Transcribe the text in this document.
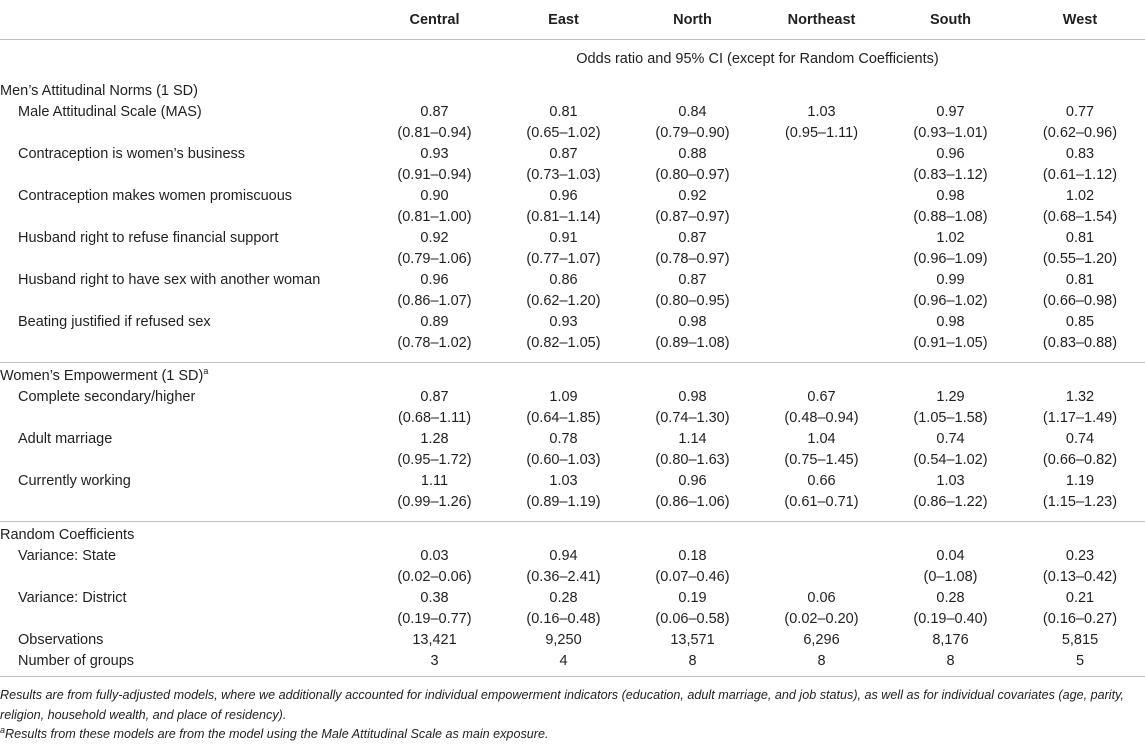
	Central	East	North	Northeast	South	West
	Odds ratio and 95% CI (except for Random Coefficients)					
Men’s Attitudinal Norms (1 SD)						
Male Attitudinal Scale (MAS)	0.87	0.81	0.84	1.03	0.97	0.77
	(0.81–0.94)	(0.65–1.02)	(0.79–0.90)	(0.95–1.11)	(0.93–1.01)	(0.62–0.96)
Contraception is women’s business	0.93	0.87	0.88		0.96	0.83
	(0.91–0.94)	(0.73–1.03)	(0.80–0.97)		(0.83–1.12)	(0.61–1.12)
Contraception makes women promiscuous	0.90	0.96	0.92		0.98	1.02
	(0.81–1.00)	(0.81–1.14)	(0.87–0.97)		(0.88–1.08)	(0.68–1.54)
Husband right to refuse financial support	0.92	0.91	0.87		1.02	0.81
	(0.79–1.06)	(0.77–1.07)	(0.78–0.97)		(0.96–1.09)	(0.55–1.20)
Husband right to have sex with another woman	0.96	0.86	0.87		0.99	0.81
	(0.86–1.07)	(0.62–1.20)	(0.80–0.95)		(0.96–1.02)	(0.66–0.98)
Beating justified if refused sex	0.89	0.93	0.98		0.98	0.85
	(0.78–1.02)	(0.82–1.05)	(0.89–1.08)		(0.91–1.05)	(0.83–0.88)
Women’s Empowerment (1 SD)$^a$
Complete secondary/higher	0.87	1.09	0.98	0.67	1.29	1.32
	(0.68–1.11)	(0.64–1.85)	(0.74–1.30)	(0.48–0.94)	(1.05–1.58)	(1.17–1.49)
Adult marriage	1.28	0.78	1.14	1.04	0.74	0.74
	(0.95–1.72)	(0.60–1.03)	(0.80–1.63)	(0.75–1.45)	(0.54–1.02)	(0.66–0.82)
Currently working	1.11	1.03	0.96	0.66	1.03	1.19
	(0.99–1.26)	(0.89–1.19)	(0.86–1.06)	(0.61–0.71)	(0.86–1.22)	(1.15–1.23)
Random Coefficients						
Variance: State	0.03	0.94	0.18		0.04	0.23
	(0.02–0.06)	(0.36–2.41)	(0.07–0.46)		(0–1.08)	(0.13–0.42)
Variance: District	0.38	0.28	0.19	0.06	0.28	0.21
	(0.19–0.77)	(0.16–0.48)	(0.06–0.58)	(0.02–0.20)	(0.19–0.40)	(0.16–0.27)
Observations	13,421	9,250	13,571	6,296	8,176	5,815
Number of groups	3	4	8	8	8	5

Results are from fully-adjusted models, where we additionally accounted for individual empowerment indicators (education, adult marriage, and job status), as well as for individual covariates (age, parity, religion, household wealth, and place of residency).

$^a$Results from these models are from the model using the Male Attitudinal Scale as main exposure.
